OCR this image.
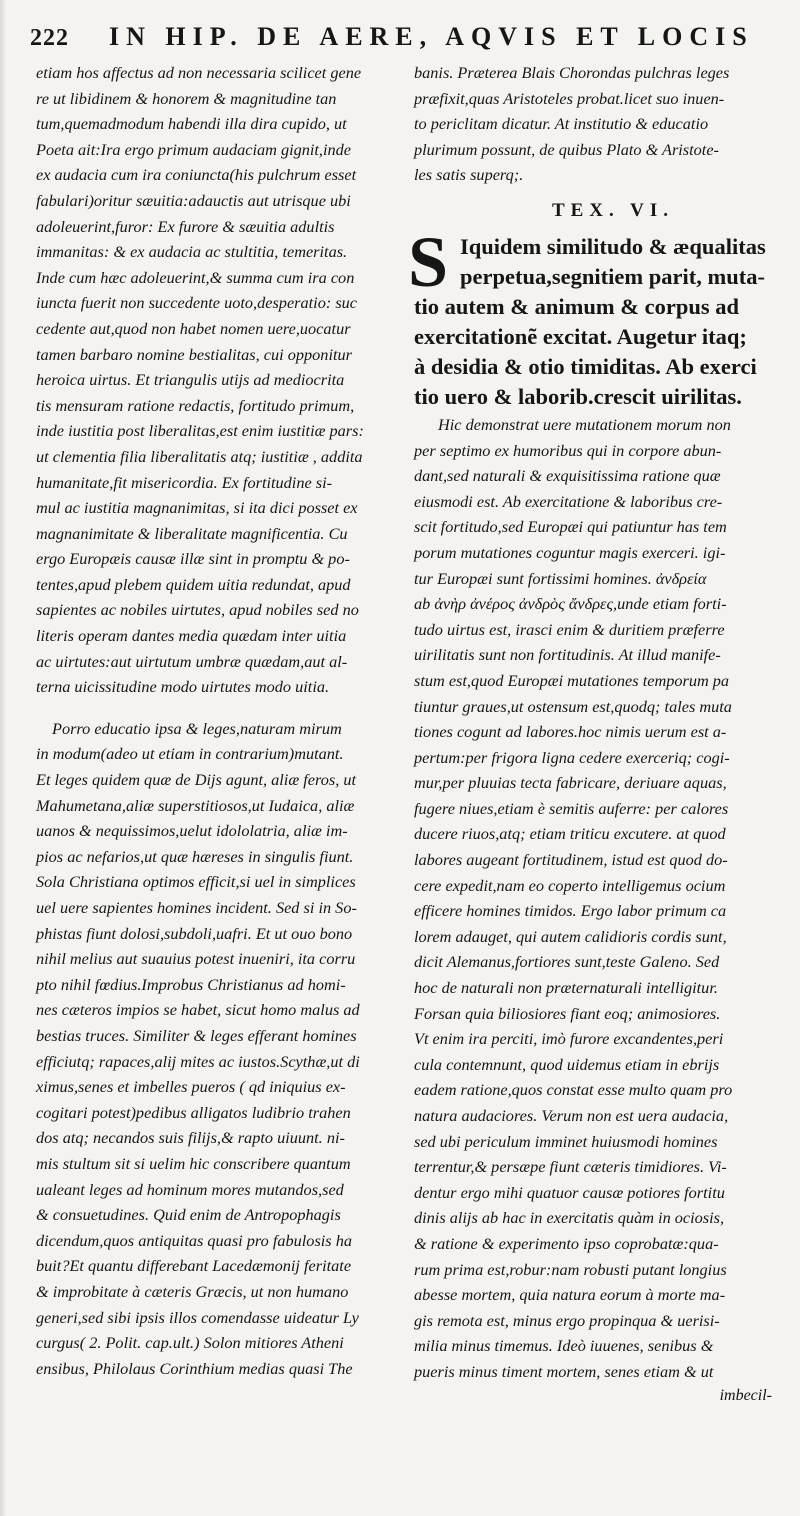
222 IN HIP. DE AERE, AQVIS ET LOCIS

etiam hos affectus ad non necessaria scilicet gene
re ut libidinem & honorem & magnitudine tan
tum,quemadmodum habendi illa dira cupido, ut
Poeta ait:Ira ergo primum audaciam gignit,inde
ex audacia cum ira coniuncta(his pulchrum esset
fabulari)oritur sæuitia:adauctis aut utrisque ubi
adoleuerint,furor: Ex furore & sæuitia adultis
immanitas: & ex audacia ac stultitia, temeritas.
Inde cum hæc adoleuerint,& summa cum ira con
iuncta fuerit non succedente uoto,desperatio: suc
cedente aut,quod non habet nomen uere,uocatur
tamen barbaro nomine bestialitas, cui opponitur
heroica uirtus. Et triangulis utijs ad mediocrita
tis mensuram ratione redactis, fortitudo primum,
inde iustitia post liberalitas,est enim iustitiæ pars:
ut clementia filia liberalitatis atq; iustitiæ , addita
humanitate,fit misericordia. Ex fortitudine si-
mul ac iustitia magnanimitas, si ita dici posset ex
magnanimitate & liberalitate magnificentia. Cu
ergo Europæis causæ illæ sint in promptu & po-
tentes,apud plebem quidem uitia redundat, apud
sapientes ac nobiles uirtutes, apud nobiles sed no
literis operam dantes media quædam inter uitia
ac uirtutes:aut uirtutum umbræ quædam,aut al-
terna uicissitudine modo uirtutes modo uitia.

Porro educatio ipsa & leges,naturam mirum
in modum(adeo ut etiam in contrarium)mutant.
Et leges quidem quæ de Dijs agunt, aliæ feros, ut
Mahumetana,aliæ superstitiosos,ut Iudaica, aliæ
uanos & nequissimos,uelut idololatria, aliæ im-
pios ac nefarios,ut quæ hæreses in singulis fiunt.
Sola Christiana optimos efficit,si uel in simplices
uel uere sapientes homines incident. Sed si in So-
phistas fiunt dolosi,subdoli,uafri. Et ut ouo bono
nihil melius aut suauius potest inueniri, ita corru
pto nihil fœdius.Improbus Christianus ad homi-
nes cæteros impios se habet, sicut homo malus ad
bestias truces. Similiter & leges efferant homines
efficiutq; rapaces,alij mites ac iustos.Scythæ,ut di
ximus,senes et imbelles pueros ( qd iniquius ex-
cogitari potest)pedibus alligatos ludibrio trahen
dos atq; necandos suis filijs,& rapto uiuunt. ni-
mis stultum sit si uelim hic conscribere quantum
ualeant leges ad hominum mores mutandos,sed
& consuetudines. Quid enim de Antropophagis
dicendum,quos antiquitas quasi pro fabulosis ha
buit?Et quantu differebant Lacedæmonij feritate
& improbitate à cæteris Græcis, ut non humano
generi,sed sibi ipsis illos comendasse uideatur Ly
curgus( 2. Polit. cap.ult.) Solon mitiores Atheni
ensibus, Philolaus Corinthium medias quasi The

banis. Præterea Blais Chorondas pulchras leges
præfixit,quas Aristoteles probat.licet suo inuen-
to periclitam dicatur. At institutio & educatio
plurimum possunt, de quibus Plato & Aristote-
les satis superq;.

TEX. VI.
S Iquidem similitudo & æqualitas
perpetua,segnitiem parit, muta-
tio autem & animum & corpus ad
exercitationẽ excitat. Augetur itaq;
à desidia & otio timiditas. Ab exerci
tio uero & laborib.crescit uirilitas.

Hic demonstrat uere mutationem morum non
per septimo ex humoribus qui in corpore abun-
dant,sed naturali & exquisitissima ratione quæ
eiusmodi est. Ab exercitatione & laboribus cre-
scit fortitudo,sed Europæi qui patiuntur has tem
porum mutationes coguntur magis exerceri. igi-
tur Europæi sunt fortissimi homines. ἀνδρεία
ab ἀνὴρ ἀνέρος ἀνδρὸς ἄνδρες,unde etiam forti-
tudo uirtus est, irasci enim & duritiem præferre
uirilitatis sunt non fortitudinis. At illud manife-
stum est,quod Europæi mutationes temporum pa
tiuntur graues,ut ostensum est,quodq; tales muta
tiones cogunt ad labores.hoc nimis uerum est a-
pertum:per frigora ligna cedere exerceriq; cogi-
mur,per pluuias tecta fabricare, deriuare aquas,
fugere niues,etiam è semitis auferre: per calores
ducere riuos,atq; etiam triticu excutere. at quod
labores augeant fortitudinem, istud est quod do-
cere expedit,nam eo coperto intelligemus ocium
efficere homines timidos. Ergo labor primum ca
lorem adauget, qui autem calidioris cordis sunt,
dicit Alemanus,fortiores sunt,teste Galeno. Sed
hoc de naturali non præternaturali intelligitur.
Forsan quia biliosiores fiant eoq; animosiores.
Vt enim ira perciti, imò furore excandentes,peri
cula contemnunt, quod uidemus etiam in ebrijs
eadem ratione,quos constat esse multo quam pro
natura audaciores. Verum non est uera audacia,
sed ubi periculum imminet huiusmodi homines
terrentur,& persæpe fiunt cæteris timidiores. Vi-
dentur ergo mihi quatuor causæ potiores fortitu
dinis alijs ab hac in exercitatis quàm in ociosis,
& ratione & experimento ipso coprobatæ:qua-
rum prima est,robur:nam robusti putant longius
abesse mortem, quia natura eorum à morte ma-
gis remota est, minus ergo propinqua & uerisi-
milia minus timemus. Ideò iuuenes, senibus &
pueris minus timent mortem, senes etiam & ut

imbecil-
